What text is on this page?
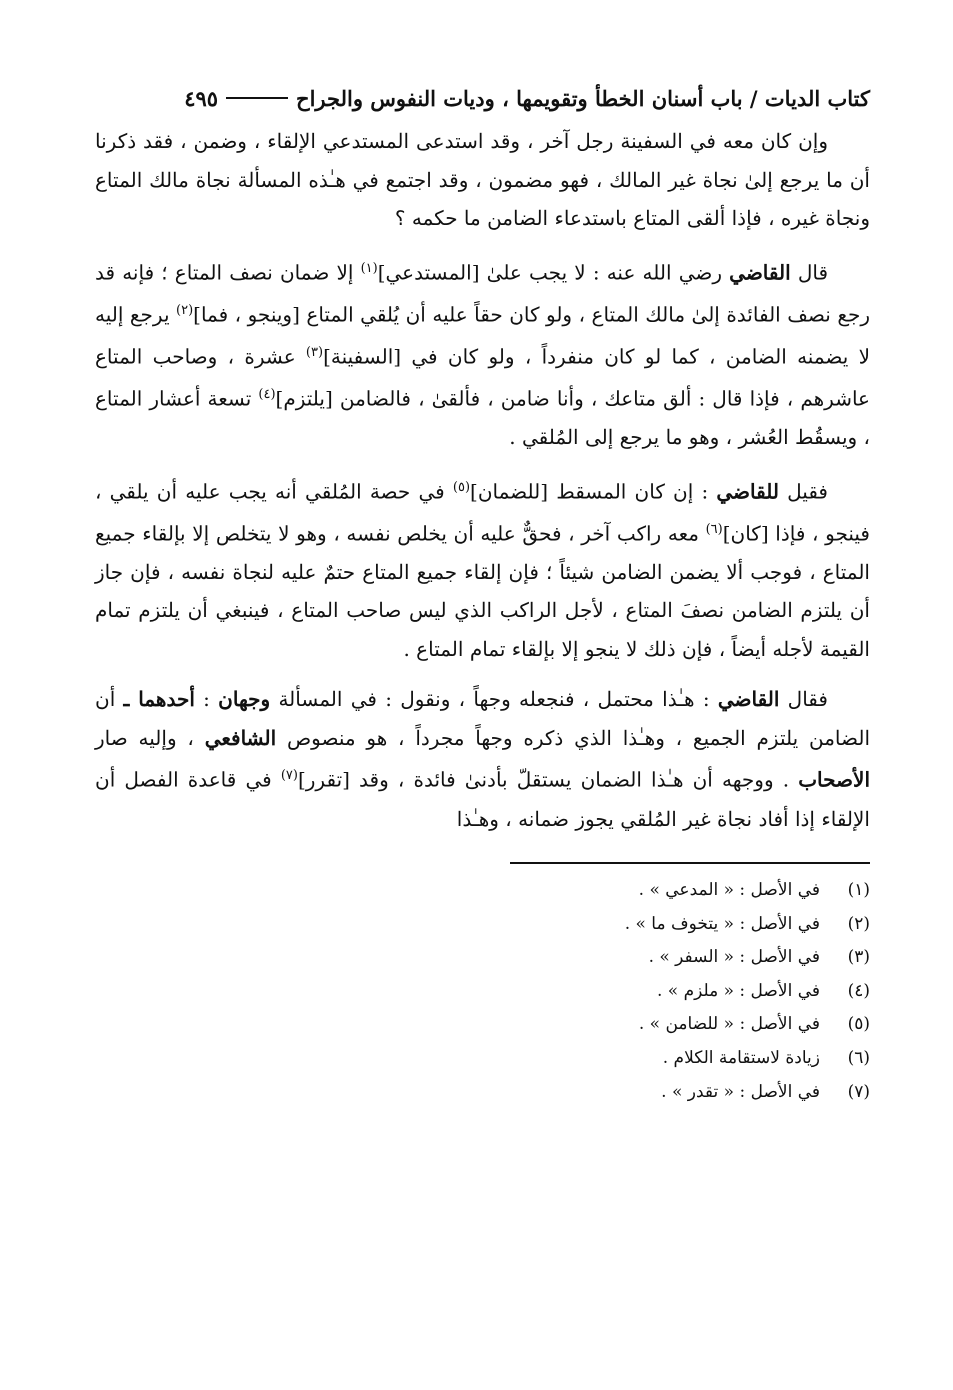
كتاب الديات / باب أسنان الخطأ وتقويمها ، وديات النفوس والجراح
٤٩٥

وإن كان معه في السفينة رجل آخر ، وقد استدعى المستدعي الإلقاء ، وضمن ، فقد ذكرنا أن ما يرجع إلىٰ نجاة غير المالك ، فهو مضمون ، وقد اجتمع في هـٰذه المسألة نجاة مالك المتاع ونجاة غيره ، فإذا ألقى المتاع باستدعاء الضامن ما حكمه ؟

قال القاضي رضي الله عنه : لا يجب علىٰ [المستدعي]$^{(١)}$ إلا ضمان نصف المتاع ؛ فإنه قد رجع نصف الفائدة إلىٰ مالك المتاع ، ولو كان حقاً عليه أن يُلقي المتاع [وينجو ، فما]$^{(٢)}$ يرجع إليه لا يضمنه الضامن ، كما لو كان منفرداً ، ولو كان في [السفينة]$^{(٣)}$ عشرة ، وصاحب المتاع عاشرهم ، فإذا قال : ألق متاعك ، وأنا ضامن ، فألقىٰ ، فالضامن [يلتزم]$^{(٤)}$ تسعة أعشار المتاع ، ويسقُط العُشر ، وهو ما يرجع إلى المُلقي .

فقيل للقاضي : إن كان المسقط [للضمان]$^{(٥)}$ في حصة المُلقي أنه يجب عليه أن يلقي ، فينجو ، فإذا [كان]$^{(٦)}$ معه راكب آخر ، فحقٌّ عليه أن يخلص نفسه ، وهو لا يتخلص إلا بإلقاء جميع المتاع ، فوجب ألا يضمن الضامن شيئاً ؛ فإن إلقاء جميع المتاع حتمٌ عليه لنجاة نفسه ، فإن جاز أن يلتزم الضامن نصفَ المتاع ، لأجل الراكب الذي ليس صاحب المتاع ، فينبغي أن يلتزم تمام القيمة لأجله أيضاً ، فإن ذلك لا ينجو إلا بإلقاء تمام المتاع .

فقال القاضي : هـٰذا محتمل ، فنجعله وجهاً ، ونقول : في المسألة وجهان : أحدهما ـ أن الضامن يلتزم الجميع ، وهـٰذا الذي ذكره وجهاً مجرداً ، هو منصوص الشافعي ، وإليه صار الأصحاب . ووجهه أن هـٰذا الضمان يستقلّ بأدنىٰ فائدة ، وقد [تقرر]$^{(٧)}$ في قاعدة الفصل أن الإلقاء إذا أفاد نجاة غير المُلقي يجوز ضمانه ، وهـٰذا

(١)
في الأصل : « المدعي » .
(٢)
في الأصل : « يتخوف ما » .
(٣)
في الأصل : « السفر » .
(٤)
في الأصل : « ملزم » .
(٥)
في الأصل : « للضامن » .
(٦)
زيادة لاستقامة الكلام .
(٧)
في الأصل : « تقدر » .
